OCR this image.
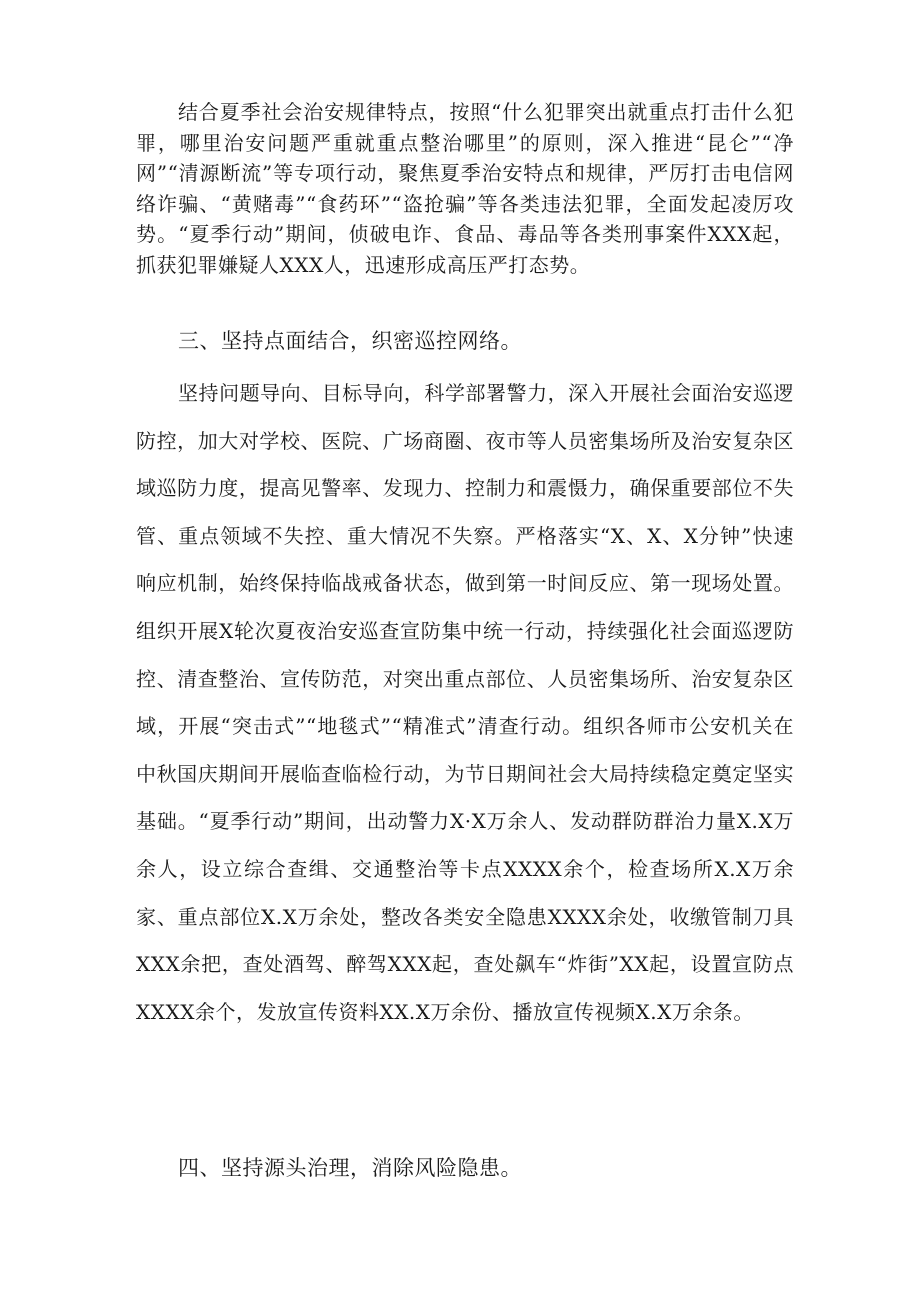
结合夏季社会治安规律特点，按照“什么犯罪突出就重点打击什么犯罪，哪里治安问题严重就重点整治哪里”的原则，深入推进“昆仑”“净网”“清源断流”等专项行动，聚焦夏季治安特点和规律，严厉打击电信网络诈骗、“黄赌毒”“食药环”“盗抢骗”等各类违法犯罪，全面发起凌厉攻势。“夏季行动”期间，侦破电诈、食品、毒品等各类刑事案件XXX起，抓获犯罪嫌疑人XXX人，迅速形成高压严打态势。

三、坚持点面结合，织密巡控网络。

坚持问题导向、目标导向，科学部署警力，深入开展社会面治安巡逻防控，加大对学校、医院、广场商圈、夜市等人员密集场所及治安复杂区域巡防力度，提高见警率、发现力、控制力和震慑力，确保重要部位不失管、重点领域不失控、重大情况不失察。严格落实“X、X、X分钟”快速响应机制，始终保持临战戒备状态，做到第一时间反应、第一现场处置。组织开展X轮次夏夜治安巡查宣防集中统一行动，持续强化社会面巡逻防控、清查整治、宣传防范，对突出重点部位、人员密集场所、治安复杂区域，开展“突击式”“地毯式”“精准式”清查行动。组织各师市公安机关在中秋国庆期间开展临查临检行动，为节日期间社会大局持续稳定奠定坚实基础。“夏季行动”期间，出动警力X·X万余人、发动群防群治力量X.X万余人，设立综合查缉、交通整治等卡点XXXX余个，检查场所X.X万余家、重点部位X.X万余处，整改各类安全隐患XXXX余处，收缴管制刀具XXX余把，查处酒驾、醉驾XXX起，查处飙车“炸街”XX起，设置宣防点XXXX余个，发放宣传资料XX.X万余份、播放宣传视频X.X万余条。

四、坚持源头治理，消除风险隐患。
